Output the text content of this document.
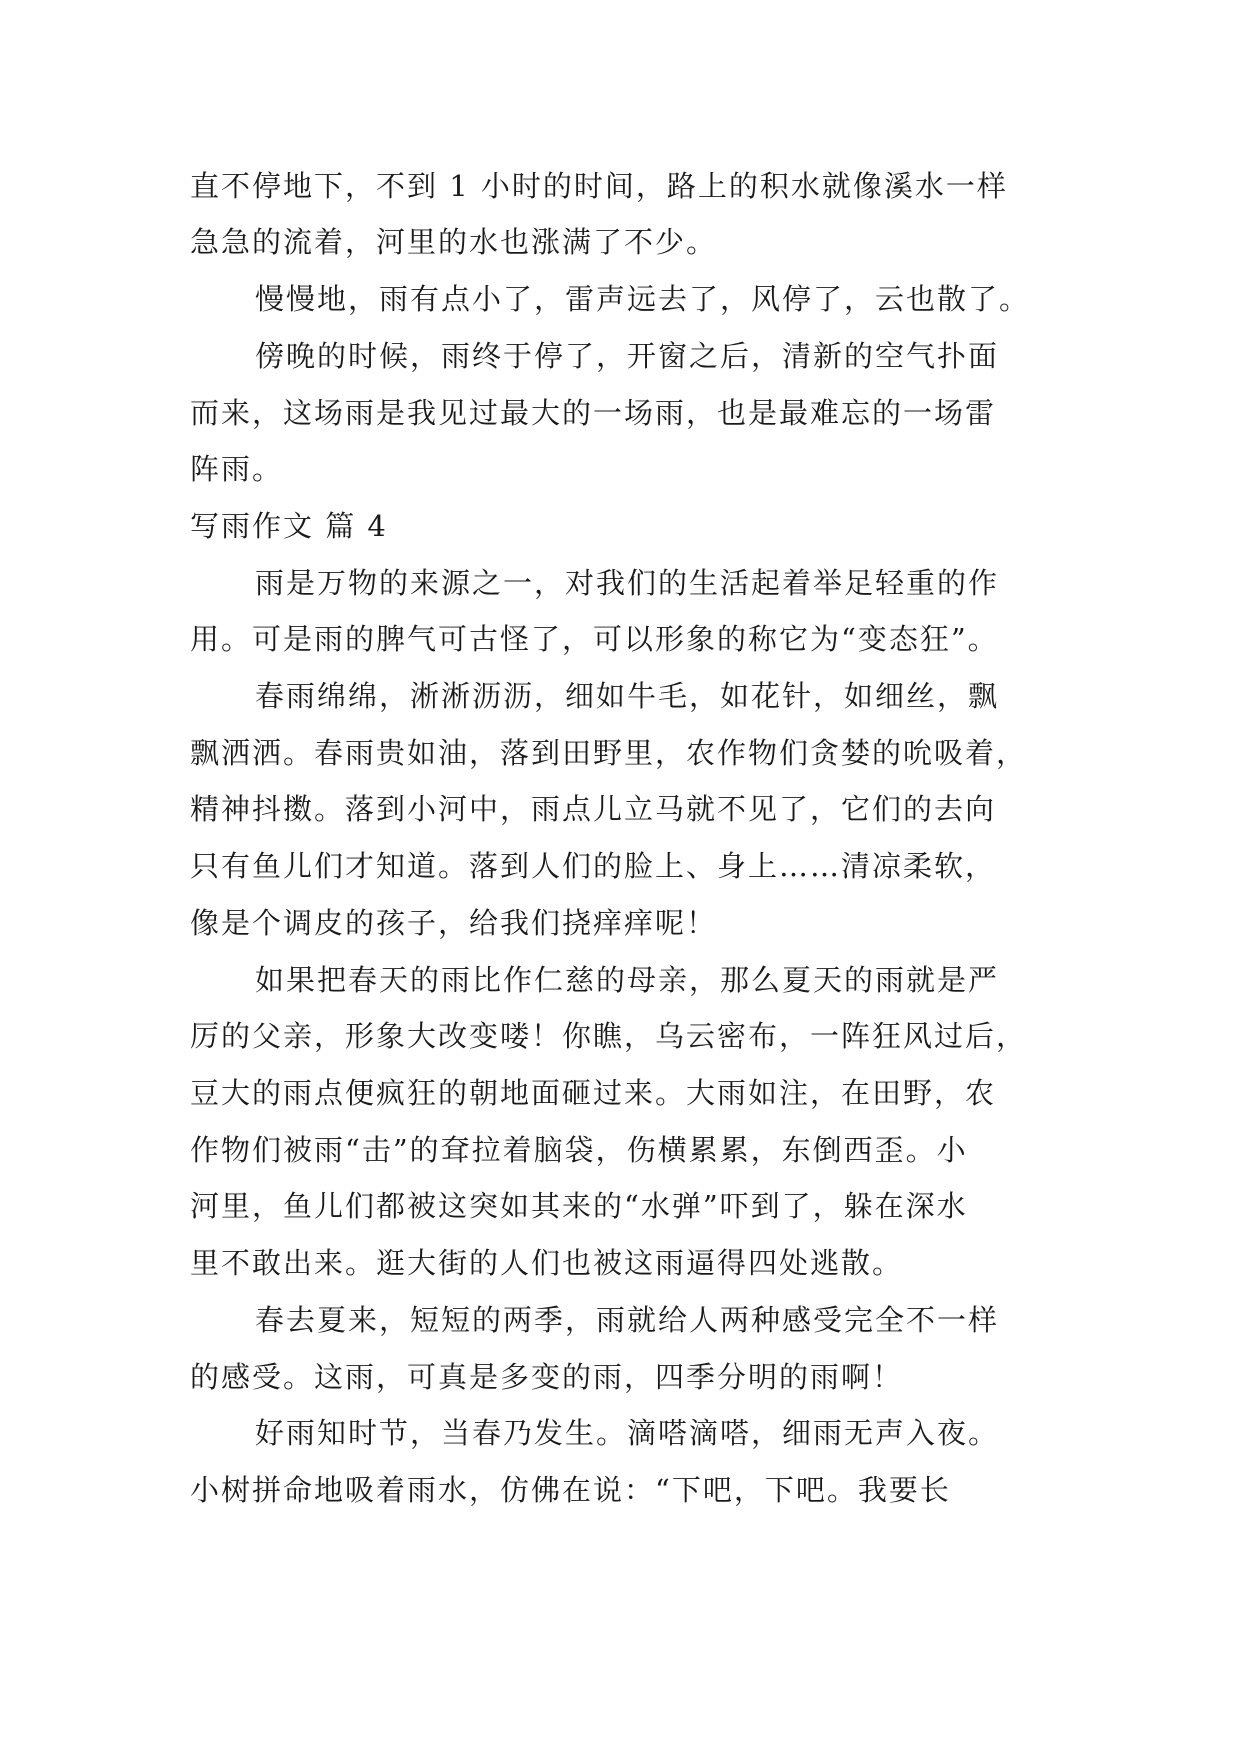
直不停地下，不到 1 小时的时间，路上的积水就像溪水一样
急急的流着，河里的水也涨满了不少。
慢慢地，雨有点小了，雷声远去了，风停了，云也散了。
傍晚的时候，雨终于停了，开窗之后，清新的空气扑面
而来，这场雨是我见过最大的一场雨，也是最难忘的一场雷
阵雨。
写雨作文 篇 4
雨是万物的来源之一，对我们的生活起着举足轻重的作
用。可是雨的脾气可古怪了，可以形象的称它为“变态狂”。
春雨绵绵，淅淅沥沥，细如牛毛，如花针，如细丝，飘
飘洒洒。春雨贵如油，落到田野里，农作物们贪婪的吮吸着，
精神抖擞。落到小河中，雨点儿立马就不见了，它们的去向
只有鱼儿们才知道。落到人们的脸上、身上……清凉柔软，
像是个调皮的孩子，给我们挠痒痒呢！
如果把春天的雨比作仁慈的母亲，那么夏天的雨就是严
厉的父亲，形象大改变喽！你瞧，乌云密布，一阵狂风过后，
豆大的雨点便疯狂的朝地面砸过来。大雨如注，在田野，农
作物们被雨“击”的耷拉着脑袋，伤横累累，东倒西歪。小
河里，鱼儿们都被这突如其来的“水弹”吓到了，躲在深水
里不敢出来。逛大街的人们也被这雨逼得四处逃散。
春去夏来，短短的两季，雨就给人两种感受完全不一样
的感受。这雨，可真是多变的雨，四季分明的雨啊！
好雨知时节，当春乃发生。滴嗒滴嗒，细雨无声入夜。
小树拼命地吸着雨水，仿佛在说：“下吧，下吧。我要长
